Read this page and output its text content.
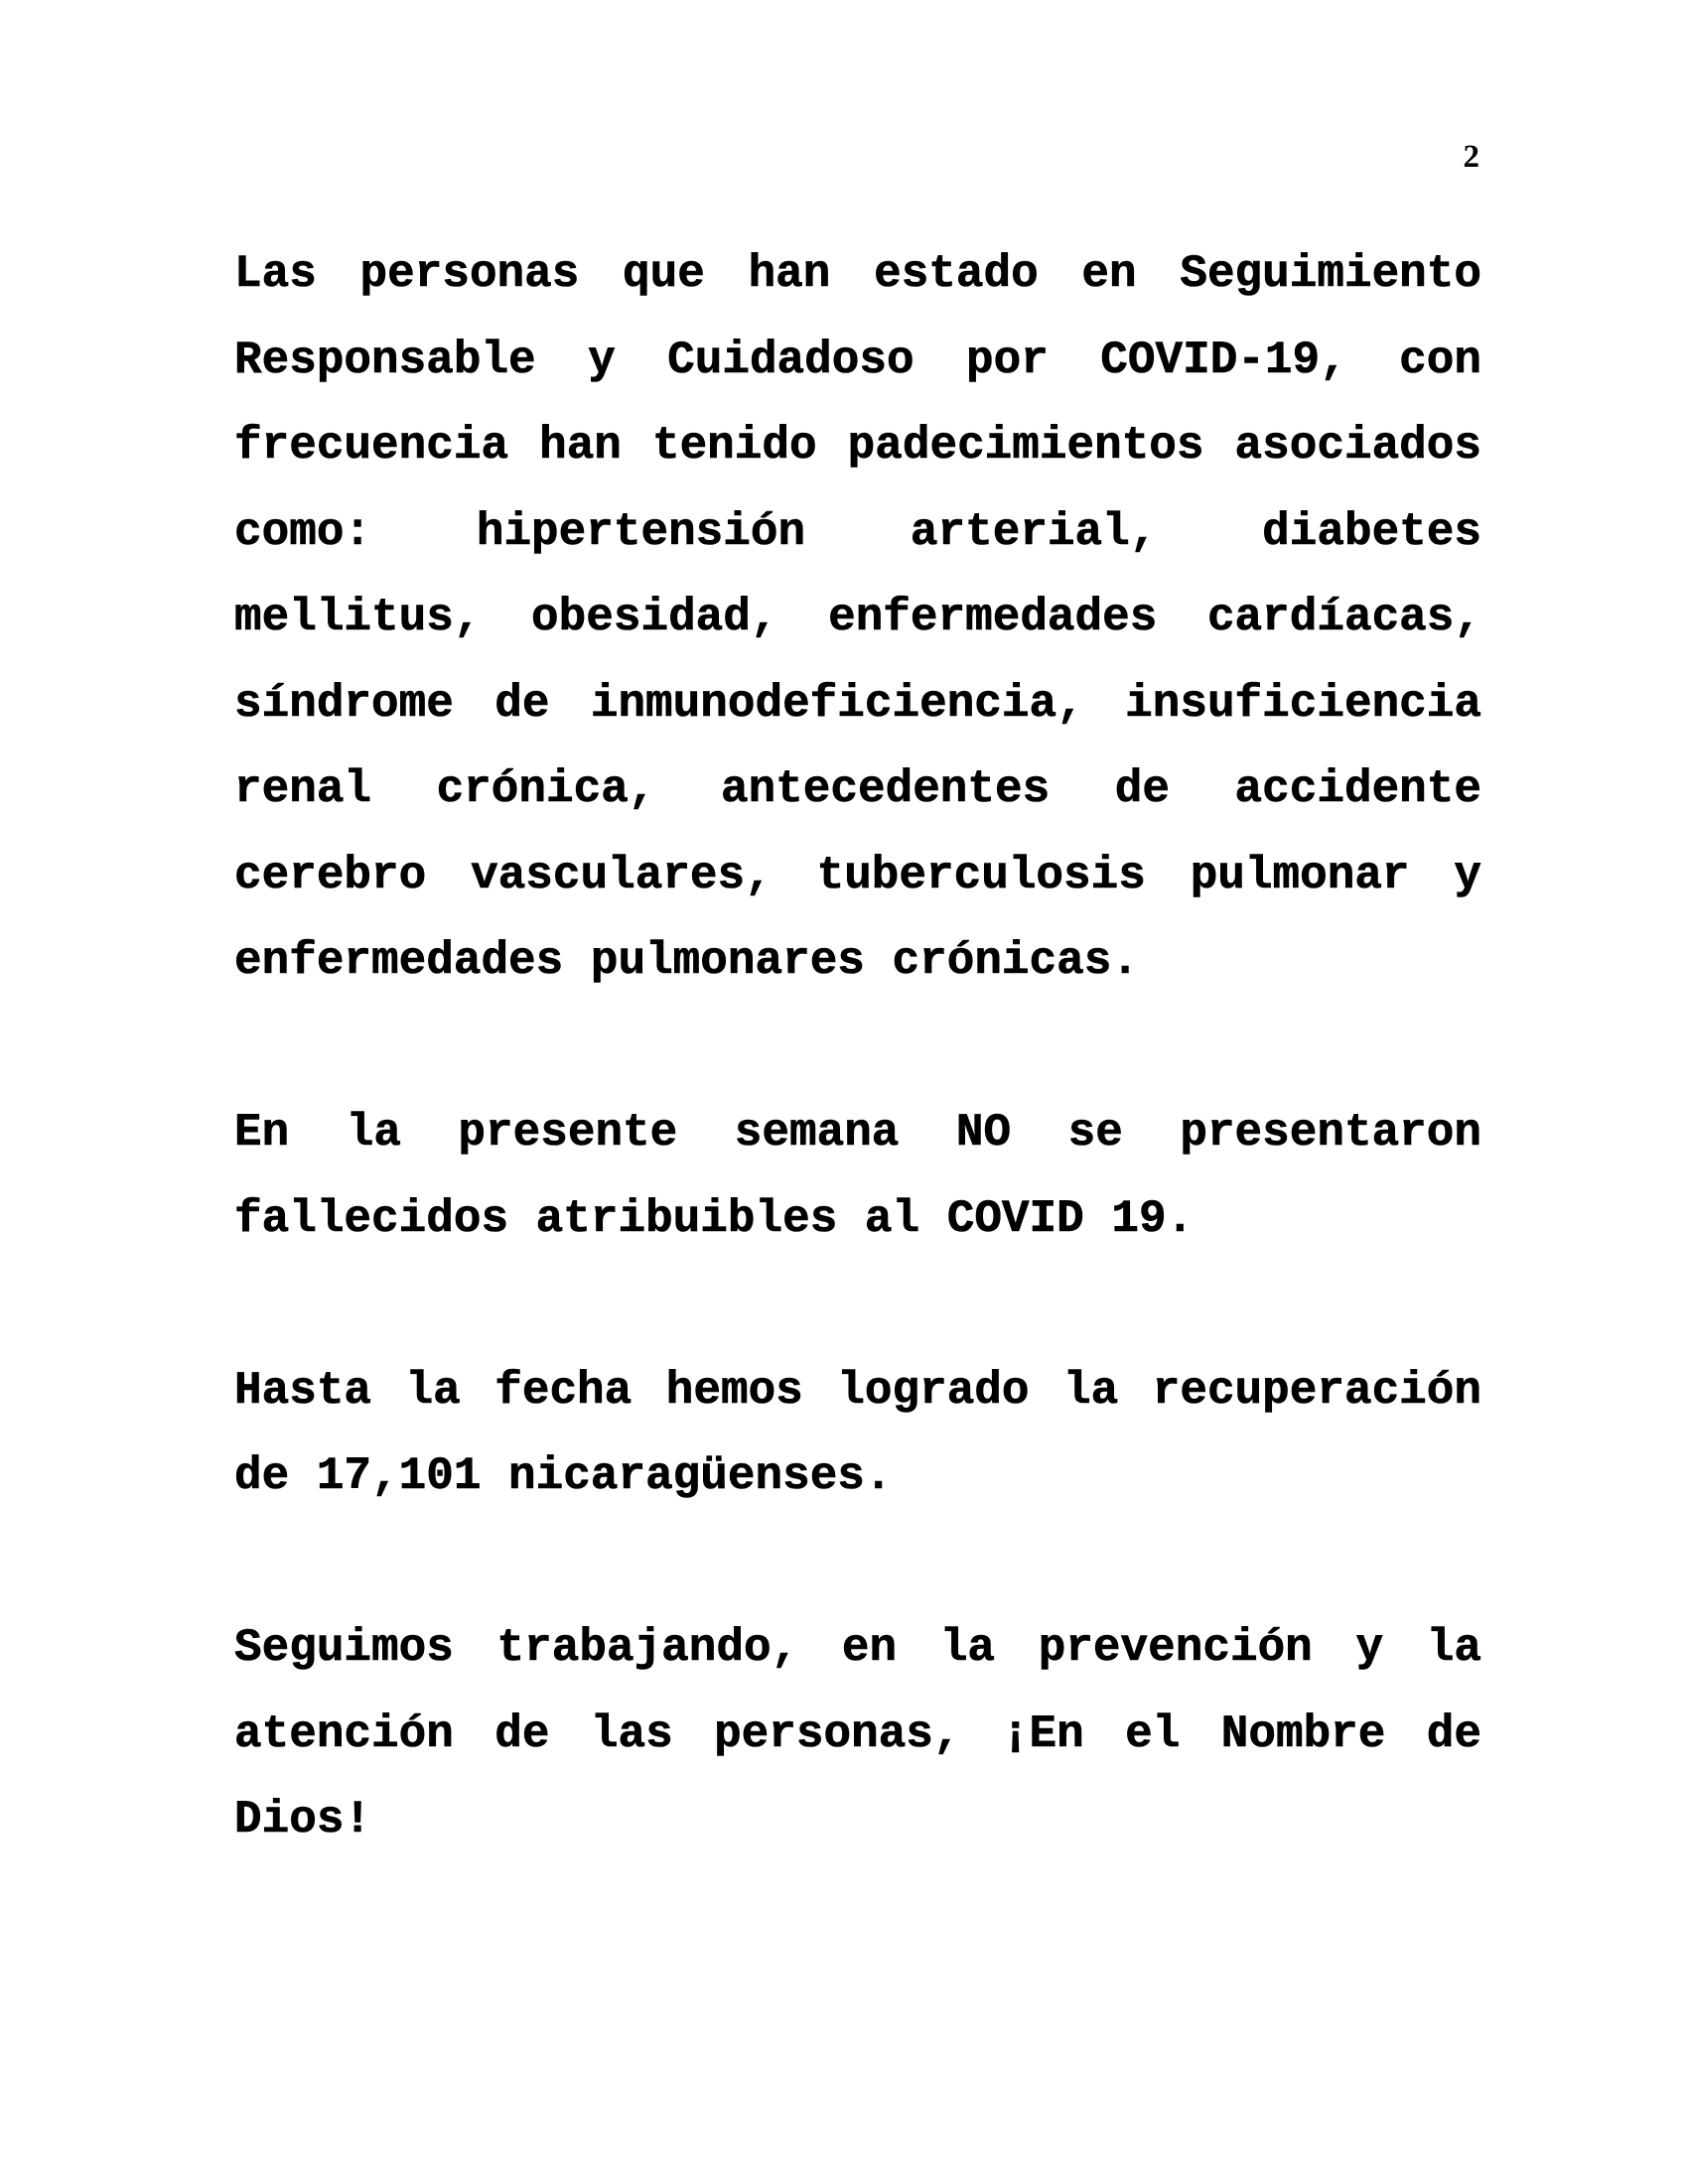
2

Las personas que han estado en Seguimiento Responsable y Cuidadoso por COVID-19, con frecuencia han tenido padecimientos asociados como: hipertensión arterial, diabetes mellitus, obesidad, enfermedades cardíacas, síndrome de inmunodeficiencia, insuficiencia renal crónica, antecedentes de accidente cerebro vasculares, tuberculosis pulmonar y enfermedades pulmonares crónicas.

En la presente semana NO se presentaron fallecidos atribuibles al COVID 19.

Hasta la fecha hemos logrado la recuperación de 17,101 nicaragüenses.

Seguimos trabajando, en la prevención y la atención de las personas, ¡En el Nombre de Dios!
